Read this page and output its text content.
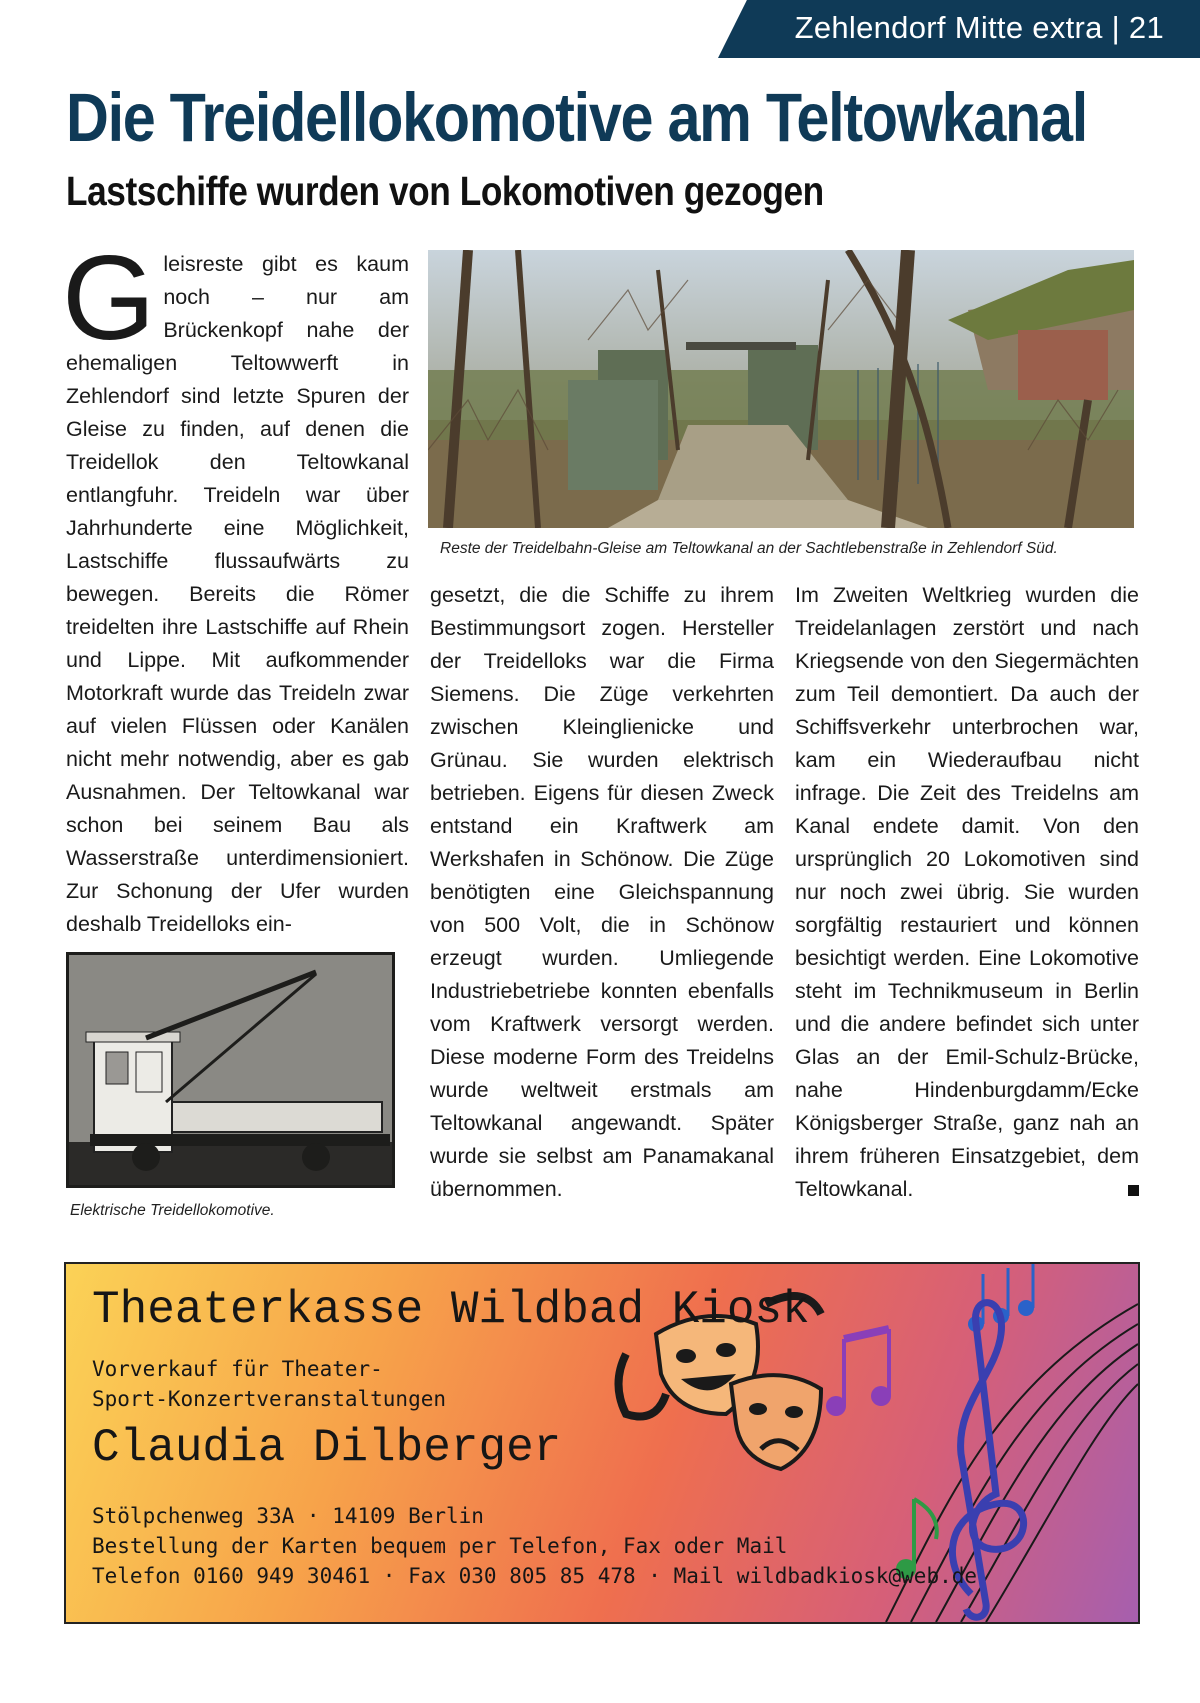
Zehlendorf Mitte extra | 21
Die Treidellokomotive am Teltowkanal
Lastschiffe wurden von Lokomotiven gezogen

G leisreste gibt es kaum noch – nur am Brückenkopf nahe der ehemaligen Teltowwerft in Zehlendorf sind letzte Spuren der Gleise zu finden, auf denen die Treidellok den Teltowkanal entlangfuhr. Treideln war über Jahrhunderte eine Möglichkeit, Lastschiffe flussaufwärts zu bewegen. Bereits die Römer treidelten ihre Lastschiffe auf Rhein und Lippe. Mit aufkommender Motorkraft wurde das Treideln zwar auf vielen Flüssen oder Kanälen nicht mehr notwendig, aber es gab Ausnahmen. Der Teltowkanal war schon bei seinem Bau als Wasserstraße unterdimensioniert. Zur Schonung der Ufer wurden deshalb Treidelloks ein-

Reste der Treidelbahn-Gleise am Teltowkanal an der Sachtlebenstraße in Zehlendorf Süd.

gesetzt, die die Schiffe zu ihrem Bestimmungsort zogen. Hersteller der Treidelloks war die Firma Siemens. Die Züge verkehrten zwischen Kleinglienicke und Grünau. Sie wurden elektrisch betrieben. Eigens für diesen Zweck entstand ein Kraftwerk am Werkshafen in Schönow. Die Züge benötigten eine Gleichspannung von 500 Volt, die in Schönow erzeugt wurden. Umliegende Industriebetriebe konnten ebenfalls vom Kraftwerk versorgt werden. Diese moderne Form des Treidelns wurde weltweit erstmals am Teltowkanal angewandt. Später wurde sie selbst am Panamakanal übernommen.

Im Zweiten Weltkrieg wurden die Treidelanlagen zerstört und nach Kriegsende von den Siegermächten zum Teil demontiert. Da auch der Schiffsverkehr unterbrochen war, kam ein Wiederaufbau nicht infrage. Die Zeit des Treidelns am Kanal endete damit. Von den ursprünglich 20 Lokomotiven sind nur noch zwei übrig. Sie wurden sorgfältig restauriert und können besichtigt werden. Eine Lokomotive steht im Technikmuseum in Berlin und die andere befindet sich unter Glas an der Emil-Schulz-Brücke, nahe Hindenburgdamm/Ecke Königsberger Straße, ganz nah an ihrem früheren Einsatzgebiet, dem Teltowkanal.

Elektrische Treidellokomotive.
Theaterkasse Wildbad Kiosk
Vorverkauf für Theater-Sport-Konzertveranstaltungen
Claudia Dilberger
Stölpchenweg 33A · 14109 Berlin
Bestellung der Karten bequem per Telefon, Fax oder Mail
Telefon 0160 949 30461 · Fax 030 805 85 478 · Mail wildbadkiosk@web.de
